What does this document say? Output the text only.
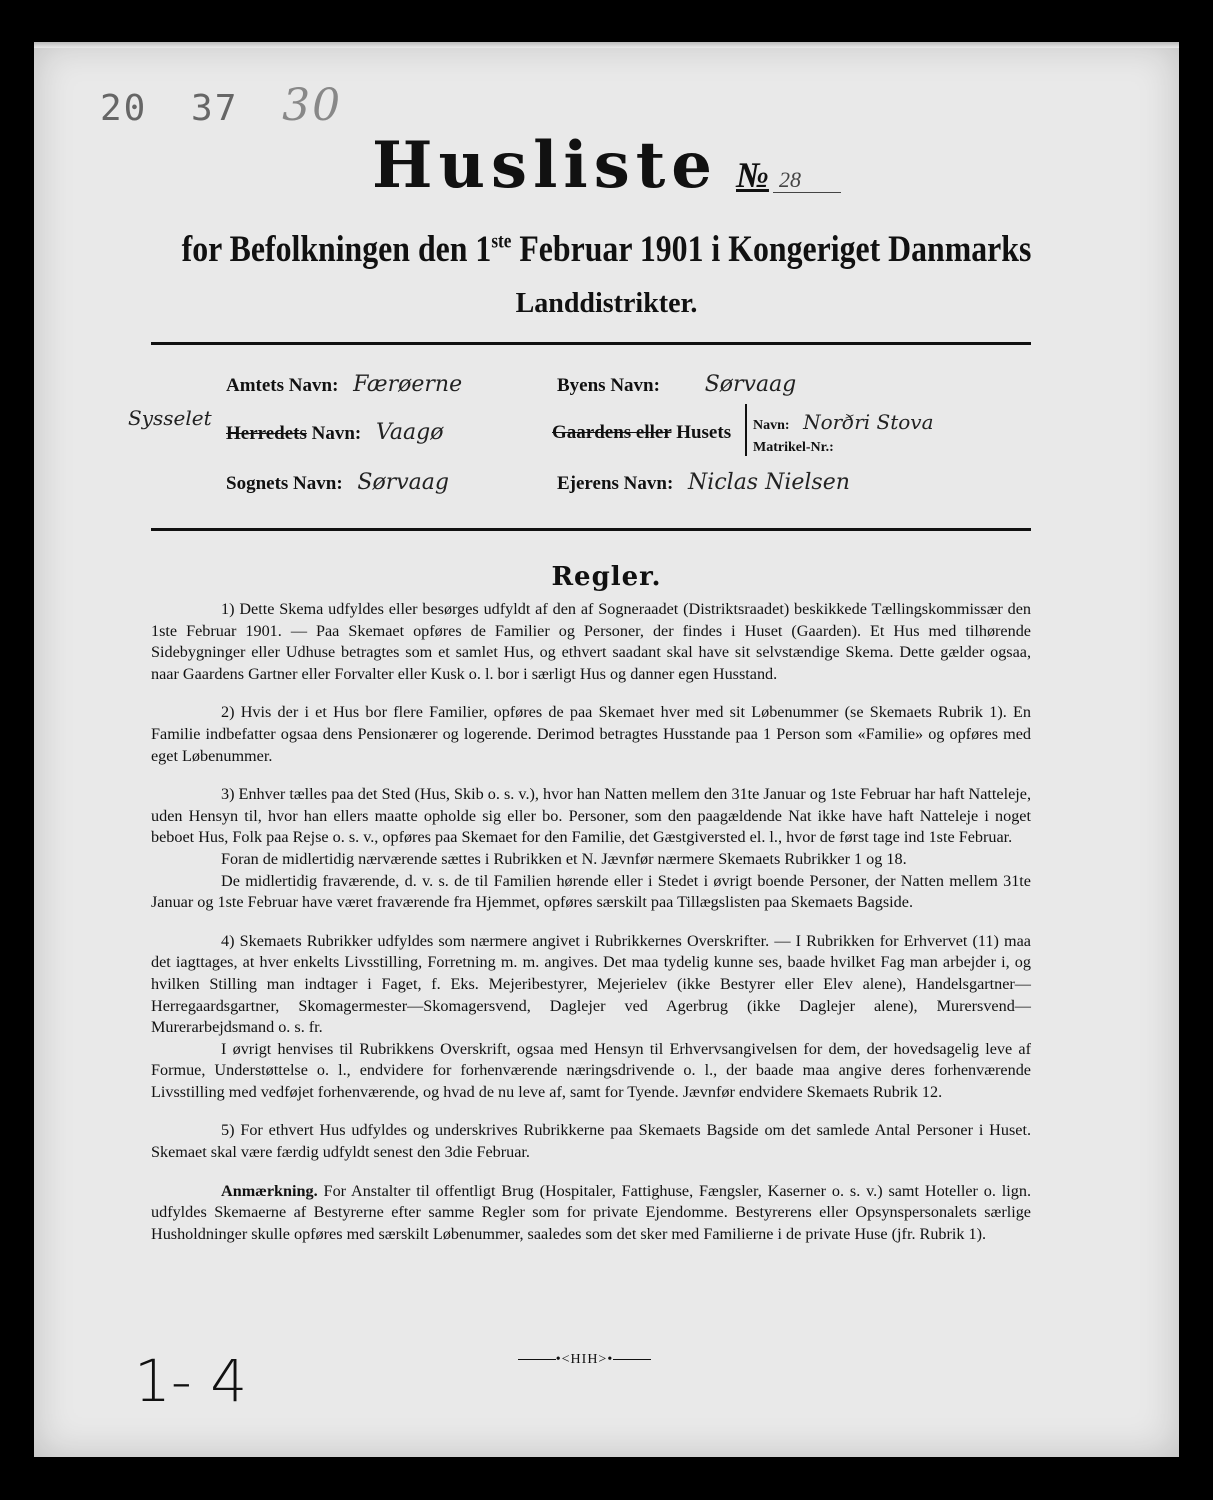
20 37 30
Husliste № 28
for Befolkningen den 1ste Februar 1901 i Kongeriget Danmarks
Landdistrikter.
Sysselet
Amtets Navn: Færøerne
Herredets Navn: Vaagø
Sognets Navn: Sørvaag
Byens Navn: Sørvaag
Gaardens eller Husets Navn: Norðri Stova
Matrikel-Nr.:
Ejerens Navn: Niclas Nielsen
Regler.

1) Dette Skema udfyldes eller besørges udfyldt af den af Sogneraadet (Distriktsraadet) beskikkede Tællingskommissær den 1ste Februar 1901. — Paa Skemaet opføres de Familier og Personer, der findes i Huset (Gaarden). Et Hus med tilhørende Sidebygninger eller Udhuse betragtes som et samlet Hus, og ethvert saadant skal have sit selvstændige Skema. Dette gælder ogsaa, naar Gaardens Gartner eller Forvalter eller Kusk o. l. bor i særligt Hus og danner egen Husstand.

2) Hvis der i et Hus bor flere Familier, opføres de paa Skemaet hver med sit Løbenummer (se Skemaets Rubrik 1). En Familie indbefatter ogsaa dens Pensionærer og logerende. Derimod betragtes Husstande paa 1 Person som «Familie» og opføres med eget Løbenummer.

3) Enhver tælles paa det Sted (Hus, Skib o. s. v.), hvor han Natten mellem den 31te Januar og 1ste Februar har haft Natteleje, uden Hensyn til, hvor han ellers maatte opholde sig eller bo. Personer, som den paagældende Nat ikke have haft Natteleje i noget beboet Hus, Folk paa Rejse o. s. v., opføres paa Skemaet for den Familie, det Gæstgiversted el. l., hvor de først tage ind 1ste Februar.

Foran de midlertidig nærværende sættes i Rubrikken et N. Jævnfør nærmere Skemaets Rubrikker 1 og 18.

De midlertidig fraværende, d. v. s. de til Familien hørende eller i Stedet i øvrigt boende Personer, der Natten mellem 31te Januar og 1ste Februar have været fraværende fra Hjemmet, opføres særskilt paa Tillægslisten paa Skemaets Bagside.

4) Skemaets Rubrikker udfyldes som nærmere angivet i Rubrikkernes Overskrifter. — I Rubrikken for Erhvervet (11) maa det iagttages, at hver enkelts Livsstilling, Forretning m. m. angives. Det maa tydelig kunne ses, baade hvilket Fag man arbejder i, og hvilken Stilling man indtager i Faget, f. Eks. Mejeribestyrer, Mejerielev (ikke Bestyrer eller Elev alene), Handelsgartner—Herregaardsgartner, Skomagermester—Skomagersvend, Daglejer ved Agerbrug (ikke Daglejer alene), Murersvend—Murerarbejdsmand o. s. fr.

I øvrigt henvises til Rubrikkens Overskrift, ogsaa med Hensyn til Erhvervsangivelsen for dem, der hovedsagelig leve af Formue, Understøttelse o. l., endvidere for forhenværende næringsdrivende o. l., der baade maa angive deres forhenværende Livsstilling med vedføjet forhenværende, og hvad de nu leve af, samt for Tyende. Jævnfør endvidere Skemaets Rubrik 12.

5) For ethvert Hus udfyldes og underskrives Rubrikkerne paa Skemaets Bagside om det samlede Antal Personer i Huset. Skemaet skal være færdig udfyldt senest den 3die Februar.

Anmærkning. For Anstalter til offentligt Brug (Hospitaler, Fattighuse, Fængsler, Kaserner o. s. v.) samt Hoteller o. lign. udfyldes Skemaerne af Bestyrerne efter samme Regler som for private Ejendomme. Bestyrerens eller Opsynspersonalets særlige Husholdninger skulle opføres med særskilt Løbenummer, saaledes som det sker med Familierne i de private Huse (jfr. Rubrik 1).

•<HIH>•
1- 4
